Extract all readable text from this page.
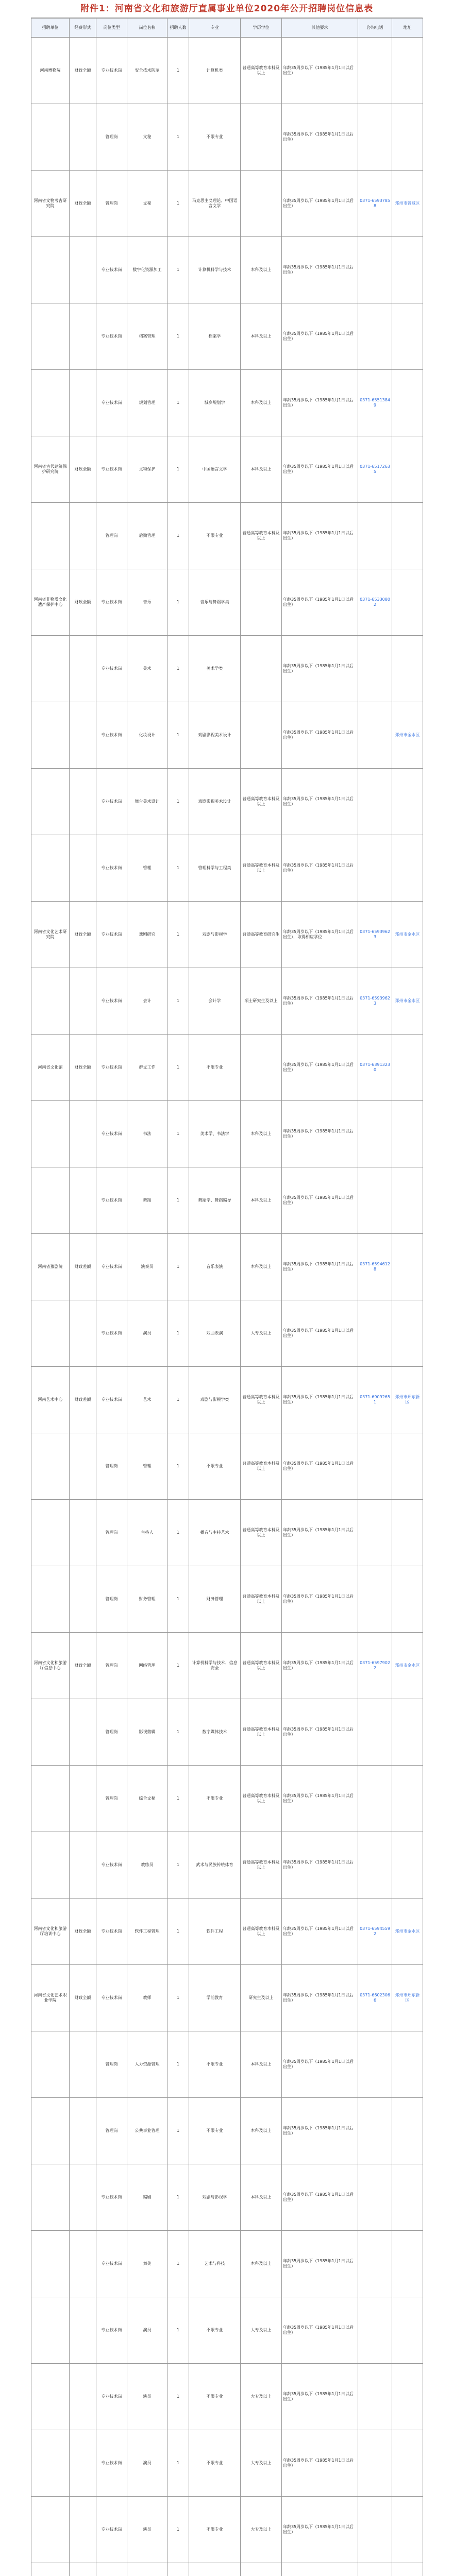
附件1：河南省文化和旅游厅直属事业单位2020年公开招聘岗位信息表
招聘单位	经费形式	岗位类型	岗位名称	招聘人数	专业	学历学位	其他要求	咨询电话	地址
河南博物院	财政全额	专业技术岗	安全技术防范	1	计算机类	普通高等教育本科及以上	年龄35周岁以下（1985年1月1日以后出生）		
		管理岗	文秘	1	不限专业		年龄35周岁以下（1985年1月1日以后出生）		
河南省文物考古研究院	财政全额	管理岗	文秘	1	马克思主义理论、中国语言文学		年龄35周岁以下（1985年1月1日以后出生）	0371-65937858	郑州市管城区
		专业技术岗	数字化资源加工	1	计算机科学与技术	本科及以上	年龄35周岁以下（1985年1月1日以后出生）		
		专业技术岗	档案管理	1	档案学	本科及以上	年龄35周岁以下（1985年1月1日以后出生）		
		专业技术岗	规划管理	1	城乡规划学	本科及以上	年龄35周岁以下（1985年1月1日以后出生）	0371-65513849	
河南省古代建筑保护研究院	财政全额	专业技术岗	文物保护	1	中国语言文学	本科及以上	年龄35周岁以下（1985年1月1日以后出生）	0371-65172635	
		管理岗	后勤管理	1	不限专业	普通高等教育本科及以上	年龄35周岁以下（1985年1月1日以后出生）		
河南省非物质文化遗产保护中心	财政全额	专业技术岗	音乐	1	音乐与舞蹈学类		年龄35周岁以下（1985年1月1日以后出生）	0371-65330802	
		专业技术岗	美术	1	美术学类		年龄35周岁以下（1985年1月1日以后出生）		
		专业技术岗	化妆设计	1	戏剧影视美术设计		年龄35周岁以下（1985年1月1日以后出生）		郑州市金水区
		专业技术岗	舞台美术设计	1	戏剧影视美术设计	普通高等教育本科及以上	年龄35周岁以下（1985年1月1日以后出生）		
		专业技术岗	管理	1	管理科学与工程类	普通高等教育本科及以上	年龄35周岁以下（1985年1月1日以后出生）		
河南省文化艺术研究院	财政全额	专业技术岗	戏剧研究	1	戏剧与影视学	普通高等教育研究生	年龄35周岁以下（1985年1月1日以后出生），取得相应学位	0371-65939623	郑州市金水区
		专业技术岗	会计	1	会计学	硕士研究生及以上	年龄35周岁以下（1985年1月1日以后出生）	0371-65939623	郑州市金水区
河南省文化馆	财政全额	专业技术岗	群文工作	1	不限专业		年龄35周岁以下（1985年1月1日以后出生）	0371-63913230	
		专业技术岗	书法	1	美术学、书法学	本科及以上	年龄35周岁以下（1985年1月1日以后出生）		
		专业技术岗	舞蹈	1	舞蹈学、舞蹈编导	本科及以上	年龄35周岁以下（1985年1月1日以后出生）		
河南省豫剧院	财政差额	专业技术岗	演奏员	1	音乐表演	本科及以上	年龄35周岁以下（1985年1月1日以后出生）	0371-65946128	
		专业技术岗	演员	1	戏曲表演	大专及以上	年龄35周岁以下（1985年1月1日以后出生）		
河南艺术中心	财政差额	专业技术岗	艺术	1	戏剧与影视学类	普通高等教育本科及以上	年龄35周岁以下（1985年1月1日以后出生）	0371-69092651	郑州市郑东新区
		管理岗	管理	1	不限专业	普通高等教育本科及以上	年龄35周岁以下（1985年1月1日以后出生）		
		管理岗	主持人	1	播音与主持艺术	普通高等教育本科及以上	年龄35周岁以下（1985年1月1日以后出生）		
		管理岗	财务管理	1	财务管理	普通高等教育本科及以上	年龄35周岁以下（1985年1月1日以后出生）		
河南省文化和旅游厅信息中心	财政全额	管理岗	网络管理	1	计算机科学与技术、信息安全	普通高等教育本科及以上	年龄35周岁以下（1985年1月1日以后出生）	0371-65979022	郑州市金水区
		管理岗	影视剪辑	1	数字媒体技术	普通高等教育本科及以上	年龄35周岁以下（1985年1月1日以后出生）		
		管理岗	综合文秘	1	不限专业	普通高等教育本科及以上	年龄35周岁以下（1985年1月1日以后出生）		
		专业技术岗	教练员	1	武术与民族传统体育	普通高等教育本科及以上	年龄35周岁以下（1985年1月1日以后出生）		
河南省文化和旅游厅培训中心	财政全额	专业技术岗	软件工程管理	1	软件工程	普通高等教育本科及以上	年龄35周岁以下（1985年1月1日以后出生）	0371-65945592	郑州市金水区
河南省文化艺术职业学院	财政全额	专业技术岗	教师	1	学前教育	研究生及以上	年龄35周岁以下（1985年1月1日以后出生）	0371-66023066	郑州市郑东新区
		管理岗	人力资源管理	1	不限专业	本科及以上	年龄35周岁以下（1985年1月1日以后出生）		
		管理岗	公共事业管理	1	不限专业	本科及以上	年龄35周岁以下（1985年1月1日以后出生）		
		专业技术岗	编剧	1	戏剧与影视学	本科及以上	年龄35周岁以下（1985年1月1日以后出生）		
		专业技术岗	舞美	1	艺术与科技	本科及以上	年龄35周岁以下（1985年1月1日以后出生）		
		专业技术岗	演员	1	不限专业	大专及以上	年龄35周岁以下（1985年1月1日以后出生）		
		专业技术岗	演员	1	不限专业	大专及以上	年龄35周岁以下（1985年1月1日以后出生）		
		专业技术岗	演员	1	不限专业	大专及以上	年龄35周岁以下（1985年1月1日以后出生）		
		专业技术岗	演员	1	不限专业	大专及以上	年龄35周岁以下（1985年1月1日以后出生）		
